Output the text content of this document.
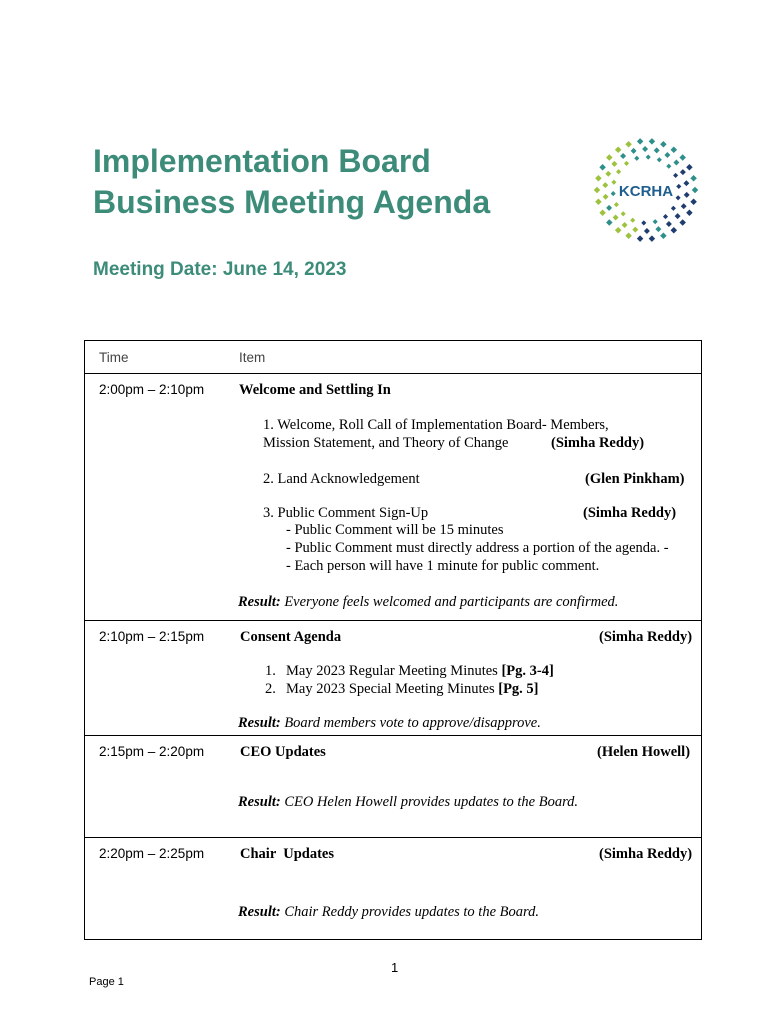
Implementation Board
Business Meeting Agenda
Meeting Date: June 14, 2023
KCRHA
Time	Item
2:00pm – 2:10pm Welcome and Settling In
1. Welcome, Roll Call of Implementation Board- Members,
Mission Statement, and Theory of Change	(Simha Reddy)
2. Land Acknowledgement	(Glen Pinkham)
3. Public Comment Sign-Up	(Simha Reddy)
- Public Comment will be 15 minutes
- Public Comment must directly address a portion of the agenda. -
- Each person will have 1 minute for public comment.
Result: Everyone feels welcomed and participants are confirmed.
2:10pm – 2:15pm Consent Agenda	(Simha Reddy)
1. May 2023 Regular Meeting Minutes [Pg. 3-4]
2. May 2023 Special Meeting Minutes [Pg. 5]
Result: Board members vote to approve/disapprove.
2:15pm – 2:20pm CEO Updates	(Helen Howell)
Result: CEO Helen Howell provides updates to the Board.
2:20pm – 2:25pm Chair  Updates	(Simha Reddy)
Result: Chair Reddy provides updates to the Board.
1
Page 1
